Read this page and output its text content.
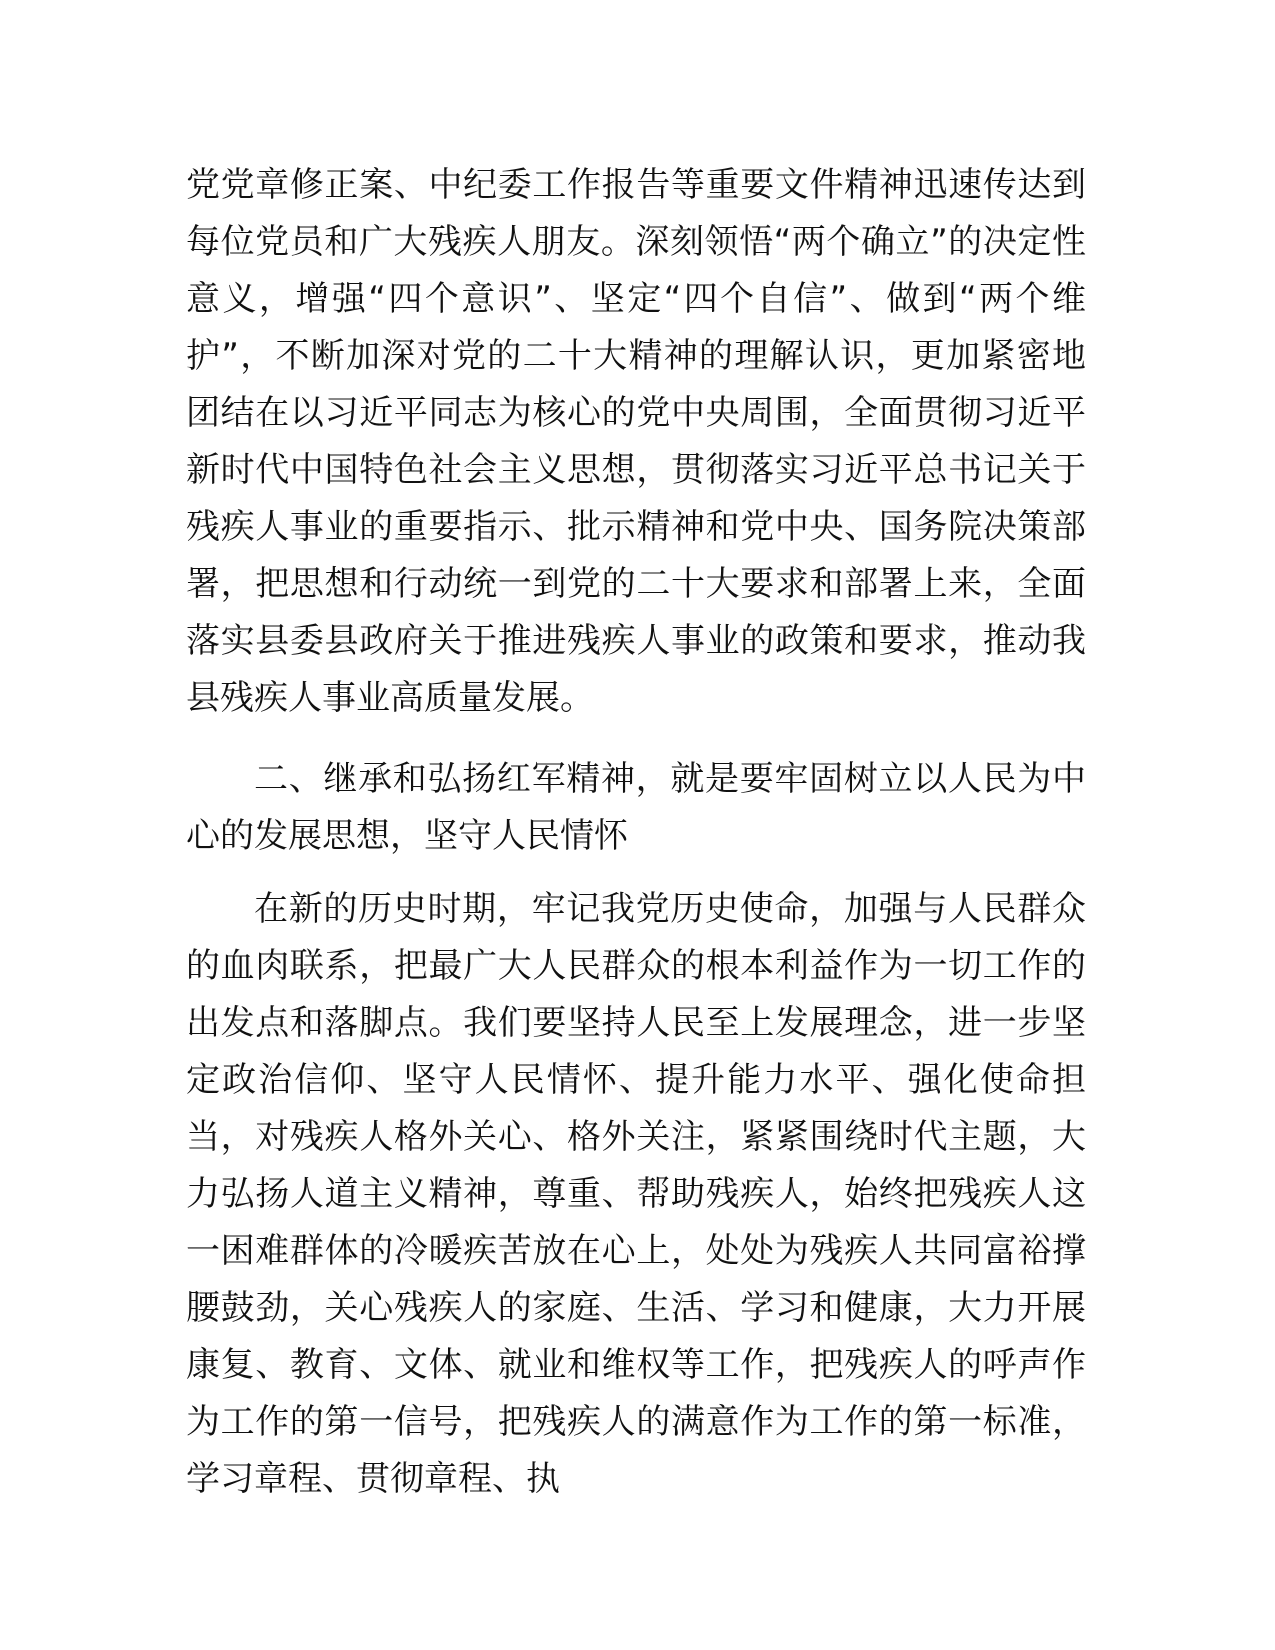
党党章修正案、中纪委工作报告等重要文件精神迅速传达到每位党员和广大残疾人朋友。深刻领悟“两个确立”的决定性意义，增强“四个意识”、坚定“四个自信”、做到“两个维护”，不断加深对党的二十大精神的理解认识，更加紧密地团结在以习近平同志为核心的党中央周围，全面贯彻习近平新时代中国特色社会主义思想，贯彻落实习近平总书记关于残疾人事业的重要指示、批示精神和党中央、国务院决策部署，把思想和行动统一到党的二十大要求和部署上来，全面落实县委县政府关于推进残疾人事业的政策和要求，推动我县残疾人事业高质量发展。

二、继承和弘扬红军精神，就是要牢固树立以人民为中心的发展思想，坚守人民情怀

在新的历史时期，牢记我党历史使命，加强与人民群众的血肉联系，把最广大人民群众的根本利益作为一切工作的出发点和落脚点。我们要坚持人民至上发展理念，进一步坚定政治信仰、坚守人民情怀、提升能力水平、强化使命担当，对残疾人格外关心、格外关注，紧紧围绕时代主题，大力弘扬人道主义精神，尊重、帮助残疾人，始终把残疾人这一困难群体的冷暖疾苦放在心上，处处为残疾人共同富裕撑腰鼓劲，关心残疾人的家庭、生活、学习和健康，大力开展康复、教育、文体、就业和维权等工作，把残疾人的呼声作为工作的第一信号，把残疾人的满意作为工作的第一标准，学习章程、贯彻章程、执
